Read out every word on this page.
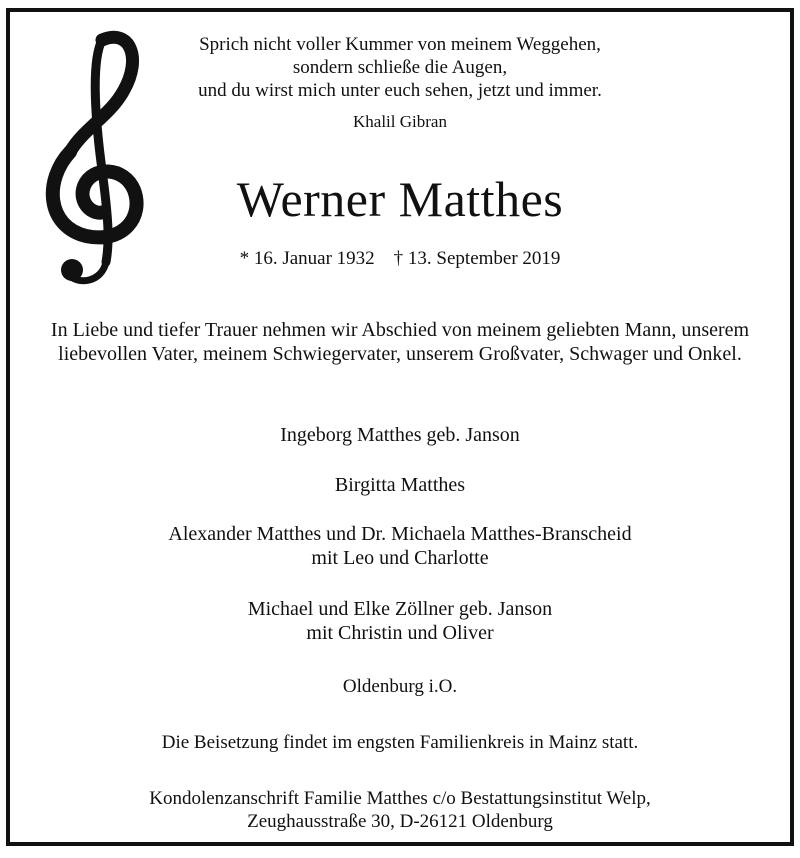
Sprich nicht voller Kummer von meinem Weggehen,
sondern schließe die Augen,
und du wirst mich unter euch sehen, jetzt und immer.
Khalil Gibran
Werner Matthes
* 16. Januar 1932    † 13. September 2019
In Liebe und tiefer Trauer nehmen wir Abschied von meinem geliebten Mann, unserem
liebevollen Vater, meinem Schwiegervater, unserem Großvater, Schwager und Onkel.
Ingeborg Matthes geb. Janson
Birgitta Matthes
Alexander Matthes und Dr. Michaela Matthes-Branscheid
mit Leo und Charlotte
Michael und Elke Zöllner geb. Janson
mit Christin und Oliver
Oldenburg i.O.
Die Beisetzung findet im engsten Familienkreis in Mainz statt.
Kondolenzanschrift Familie Matthes c/o Bestattungsinstitut Welp,
Zeughausstraße 30, D-26121 Oldenburg
